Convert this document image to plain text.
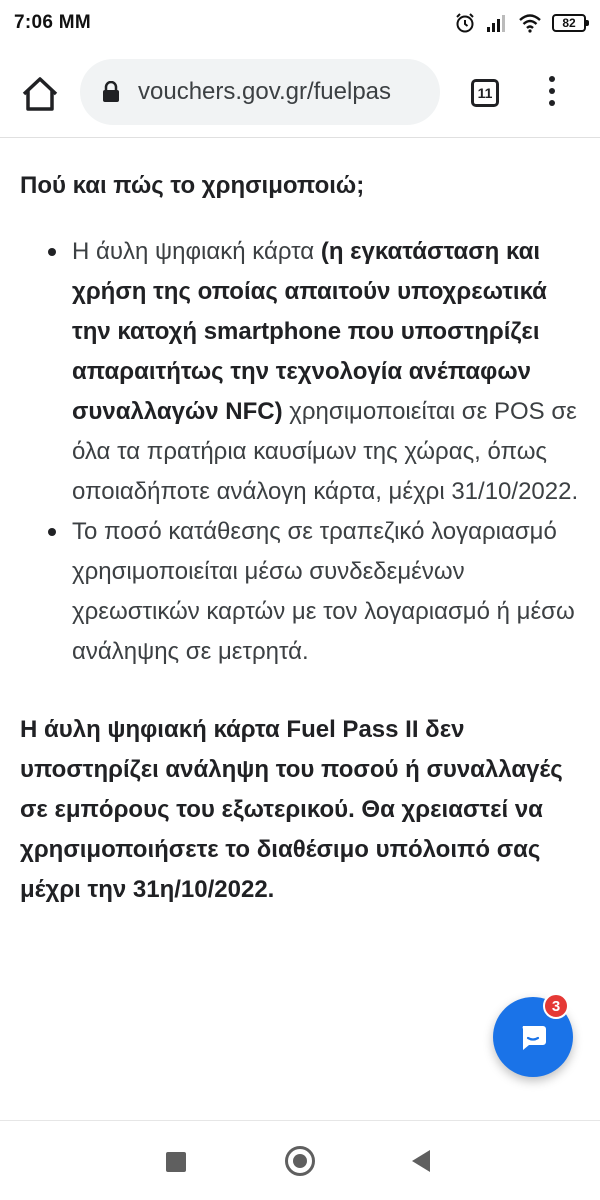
7:06 MM	82
vouchers.gov.gr/fuelpas	11
Πού και πώς το χρησιμοποιώ;
Η άυλη ψηφιακή κάρτα (η εγκατάσταση και χρήση της οποίας απαιτούν υποχρεωτικά την κατοχή smartphone που υποστηρίζει απαραιτήτως την τεχνολογία ανέπαφων συναλλαγών NFC) χρησιμοποιείται σε POS σε όλα τα πρατήρια καυσίμων της χώρας, όπως οποιαδήποτε ανάλογη κάρτα, μέχρι 31/10/2022.
Το ποσό κατάθεσης σε τραπεζικό λογαριασμό χρησιμοποιείται μέσω συνδεδεμένων χρεωστικών καρτών με τον λογαριασμό ή μέσω ανάληψης σε μετρητά.
Η άυλη ψηφιακή κάρτα Fuel Pass II δεν υποστηρίζει ανάληψη του ποσού ή συναλλαγές σε εμπόρους του εξωτερικού. Θα χρειαστεί να χρησιμοποιήσετε το διαθέσιμο υπόλοιπό σας μέχρι την 31η/10/2022.
3
